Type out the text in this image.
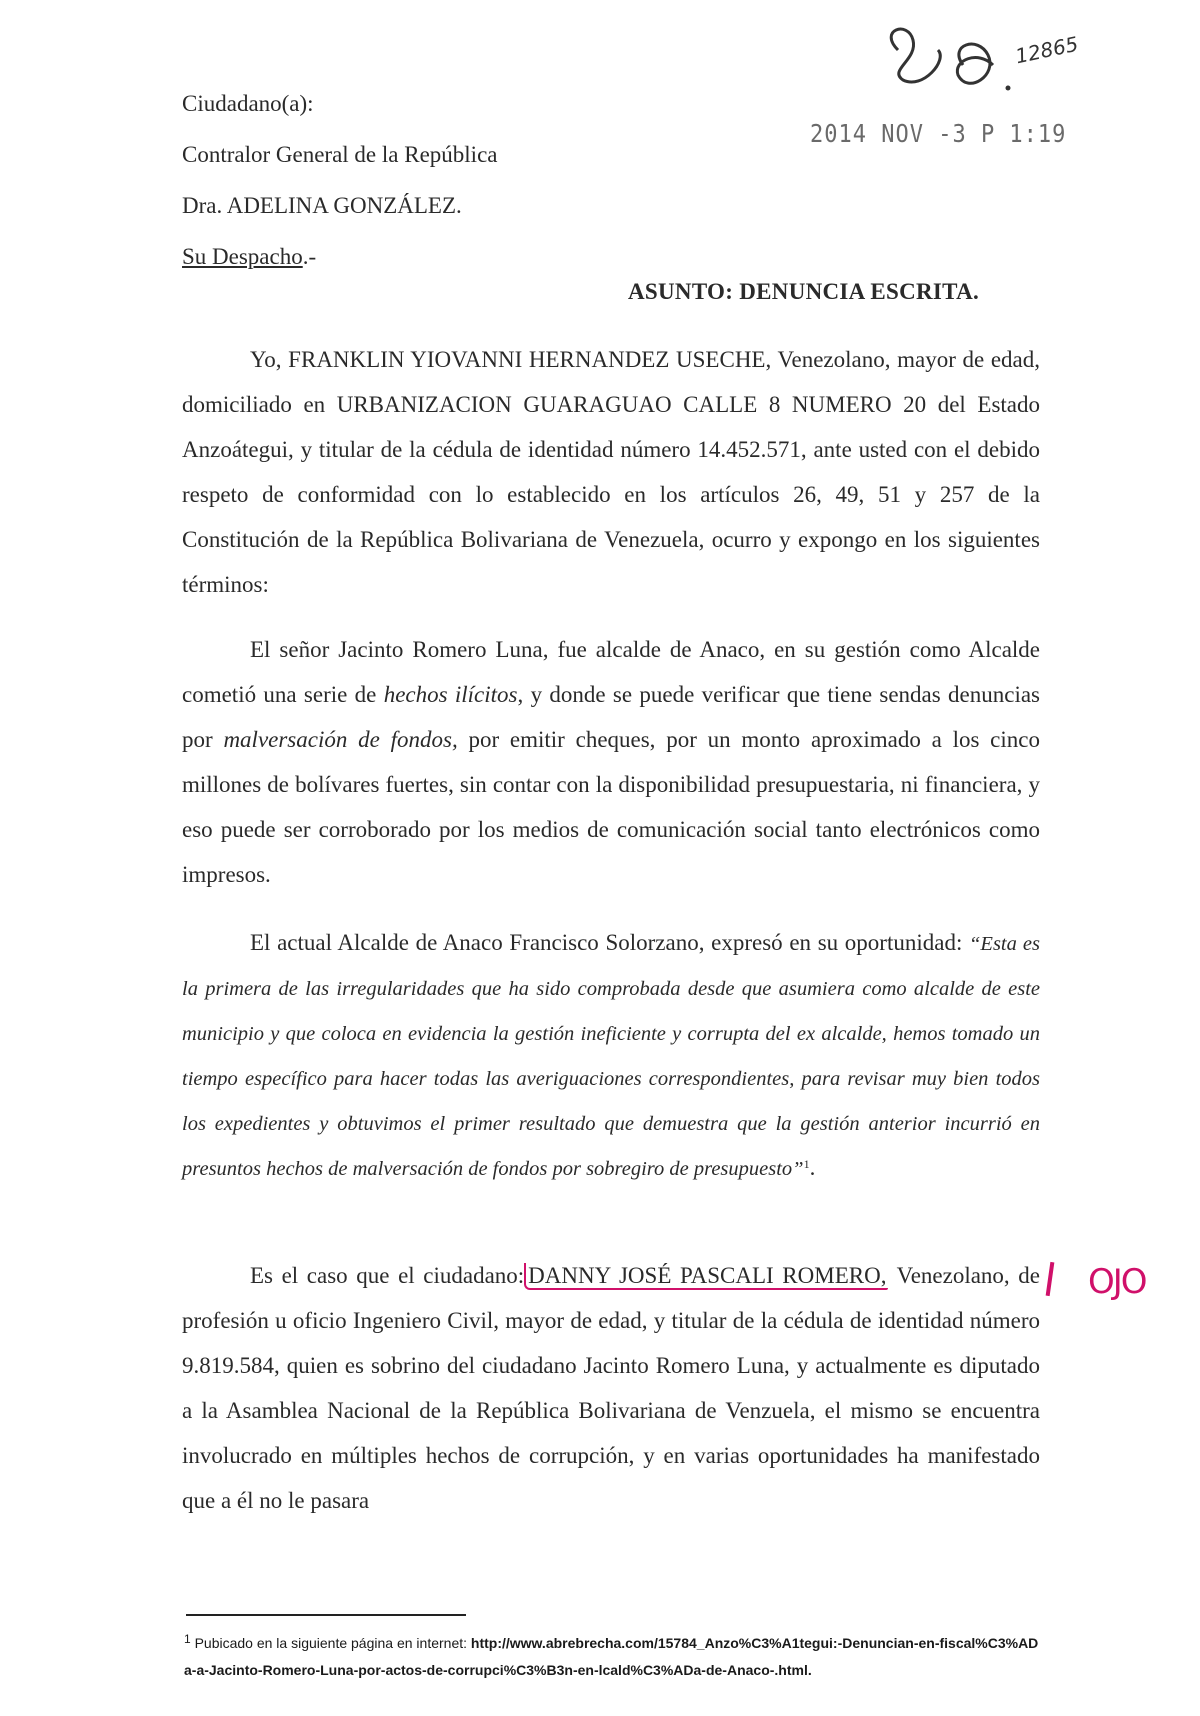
Ciudadano(a):
Contralor General de la República
Dra. ADELINA GONZÁLEZ.
Su Despacho.-
12865
2014 NOV -3 P 1:19
ASUNTO: DENUNCIA ESCRITA.
Yo, FRANKLIN YIOVANNI HERNANDEZ USECHE, Venezolano, mayor de edad, domiciliado en URBANIZACION GUARAGUAO CALLE 8 NUMERO 20 del Estado Anzoátegui, y titular de la cédula de identidad número 14.452.571, ante usted con el debido respeto de conformidad con lo establecido en los artículos 26, 49, 51 y 257 de la Constitución de la República Bolivariana de Venezuela, ocurro y expongo en los siguientes términos:
El señor Jacinto Romero Luna, fue alcalde de Anaco, en su gestión como Alcalde cometió una serie de hechos ilícitos, y donde se puede verificar que tiene sendas denuncias por malversación de fondos, por emitir cheques, por un monto aproximado a los cinco millones de bolívares fuertes, sin contar con la disponibilidad presupuestaria, ni financiera, y eso puede ser corroborado por los medios de comunicación social tanto electrónicos como impresos.
El actual Alcalde de Anaco Francisco Solorzano, expresó en su oportunidad: “Esta es la primera de las irregularidades que ha sido comprobada desde que asumiera como alcalde de este municipio y que coloca en evidencia la gestión ineficiente y corrupta del ex alcalde, hemos tomado un tiempo específico para hacer todas las averiguaciones correspondientes, para revisar muy bien todos los expedientes y obtuvimos el primer resultado que demuestra que la gestión anterior incurrió en presuntos hechos de malversación de fondos por sobregiro de presupuesto”$^1$.
Es el caso que el ciudadano: DANNY JOSÉ PASCALI ROMERO, Venezolano, de profesión u oficio Ingeniero Civil, mayor de edad, y titular de la cédula de identidad número 9.819.584, quien es sobrino del ciudadano Jacinto Romero Luna, y actualmente es diputado a la Asamblea Nacional de la República Bolivariana de Venzuela, el mismo se encuentra involucrado en múltiples hechos de corrupción, y en varias oportunidades ha manifestado que a él no le pasara
OJO
$^1$ Pubicado en la siguiente página en internet: http://www.abrebrecha.com/15784_Anzo%C3%A1tegui:-Denuncian-en-fiscal%C3%ADa-a-Jacinto-Romero-Luna-por-actos-de-corrupci%C3%B3n-en-lcald%C3%ADa-de-Anaco-.html.
